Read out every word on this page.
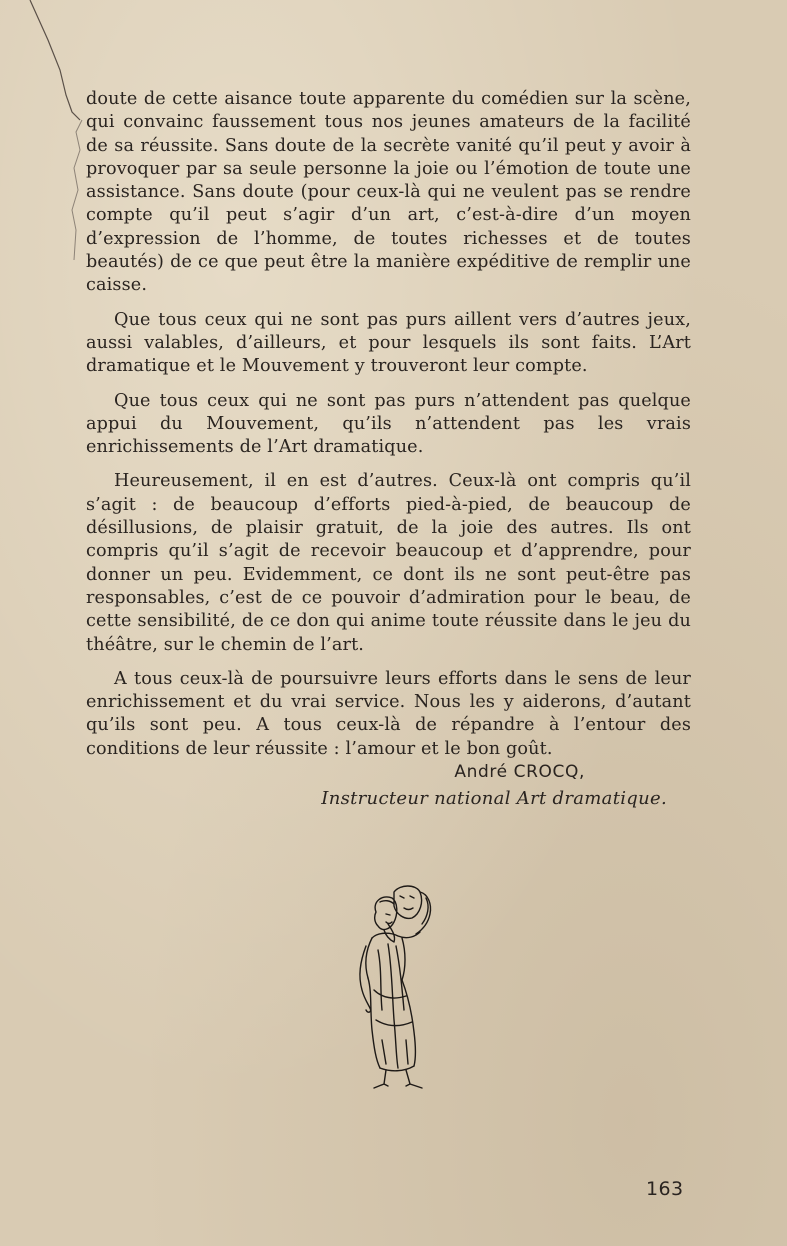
doute de cette aisance toute apparente du comédien sur la scène, qui convainc faussement tous nos jeunes amateurs de la facilité de sa réussite. Sans doute de la secrète vanité qu’il peut y avoir à provoquer par sa seule personne la joie ou l’émotion de toute une assistance. Sans doute (pour ceux-là qui ne veulent pas se rendre compte qu’il peut s’agir d’un art, c’est-à-dire d’un moyen d’expression de l’homme, de toutes richesses et de toutes beautés) de ce que peut être la manière expéditive de remplir une caisse.

Que tous ceux qui ne sont pas purs aillent vers d’autres jeux, aussi valables, d’ailleurs, et pour lesquels ils sont faits. L’Art dramatique et le Mouvement y trouveront leur compte.

Que tous ceux qui ne sont pas purs n’attendent pas quelque appui du Mouvement, qu’ils n’attendent pas les vrais enrichissements de l’Art dramatique.

Heureusement, il en est d’autres. Ceux-là ont compris qu’il s’agit : de beaucoup d’efforts pied-à-pied, de beaucoup de désillusions, de plaisir gratuit, de la joie des autres. Ils ont compris qu’il s’agit de recevoir beaucoup et d’apprendre, pour donner un peu. Evidemment, ce dont ils ne sont peut-être pas responsables, c’est de ce pouvoir d’admiration pour le beau, de cette sensibilité, de ce don qui anime toute réussite dans le jeu du théâtre, sur le chemin de l’art.

A tous ceux-là de poursuivre leurs efforts dans le sens de leur enrichissement et du vrai service. Nous les y aiderons, d’autant qu’ils sont peu. A tous ceux-là de répandre à l’entour des conditions de leur réussite : l’amour et le bon goût.

André CROCQ,
Instructeur national Art dramatique.
163
